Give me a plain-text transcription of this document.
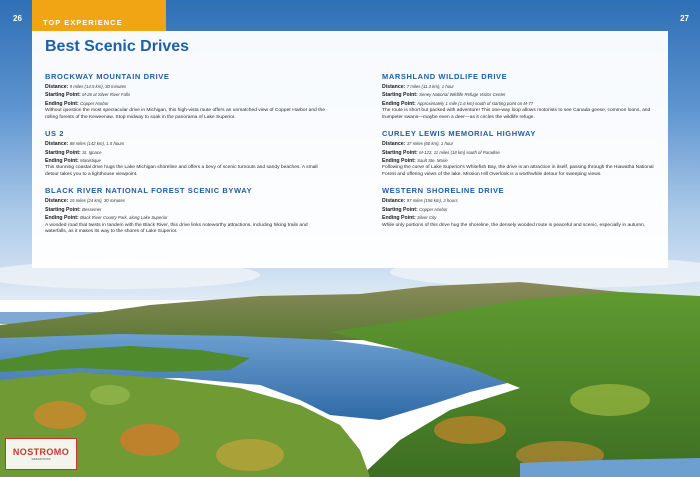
26	27
TOP EXPERIENCE
Best Scenic Drives
BROCKWAY MOUNTAIN DRIVE
Distance: 9 miles (14.5 km), 30 minutes
Starting Point: M-26 at Silver River Falls
Ending Point: Copper Harbor

Without question the most spectacular drive in Michigan, this high-vista route offers an unmatched view of Copper Harbor and the rolling forests of the Keweenaw. Stop midway to soak in the panorama of Lake Superior.

US 2
Distance: 88 miles (142 km), 1.5 hours
Starting Point: St. Ignace
Ending Point: Manistique

This stunning coastal drive hugs the Lake Michigan shoreline and offers a bevy of scenic turnouts and sandy beaches. A small detour takes you to a lighthouse viewpoint.

BLACK RIVER NATIONAL FOREST SCENIC BYWAY
Distance: 15 miles (24 km), 30 minutes
Starting Point: Bessemer
Ending Point: Black River County Park, along Lake Superior

A wooded road that twists in tandem with the Black River, this drive links noteworthy attractions, including hiking trails and waterfalls, as it makes its way to the shores of Lake Superior.

MARSHLAND WILDLIFE DRIVE
Distance: 7 miles (11.3 km), 1 hour
Starting Point: Seney National Wildlife Refuge Visitor Center
Ending Point: Approximately 1 mile (1.6 km) south of starting point on M-77

The route is short but packed with adventure! This one-way loop allows motorists to see Canada geese, common loons, and trumpeter swans—maybe even a deer—as it circles the wildlife refuge.

CURLEY LEWIS MEMORIAL HIGHWAY
Distance: 37 miles (60 km), 1 hour
Starting Point: M-123, 11 miles (18 km) south of Paradise
Ending Point: Sault Ste. Marie

Following the curve of Lake Superior's Whitefish Bay, the drive is an attraction in itself, passing through the Hiawatha National Forest and offering views of the lake. Mission Hill Overlook is a worthwhile detour for sweeping views.

WESTERN SHORELINE DRIVE
Distance: 97 miles (156 km), 3 hours
Starting Point: Copper Harbor
Ending Point: Silver City

While only portions of this drive hug the shoreline, the densely wooded route is peaceful and scenic, especially in autumn.

NOSTROMO
WEB EDITIONS
